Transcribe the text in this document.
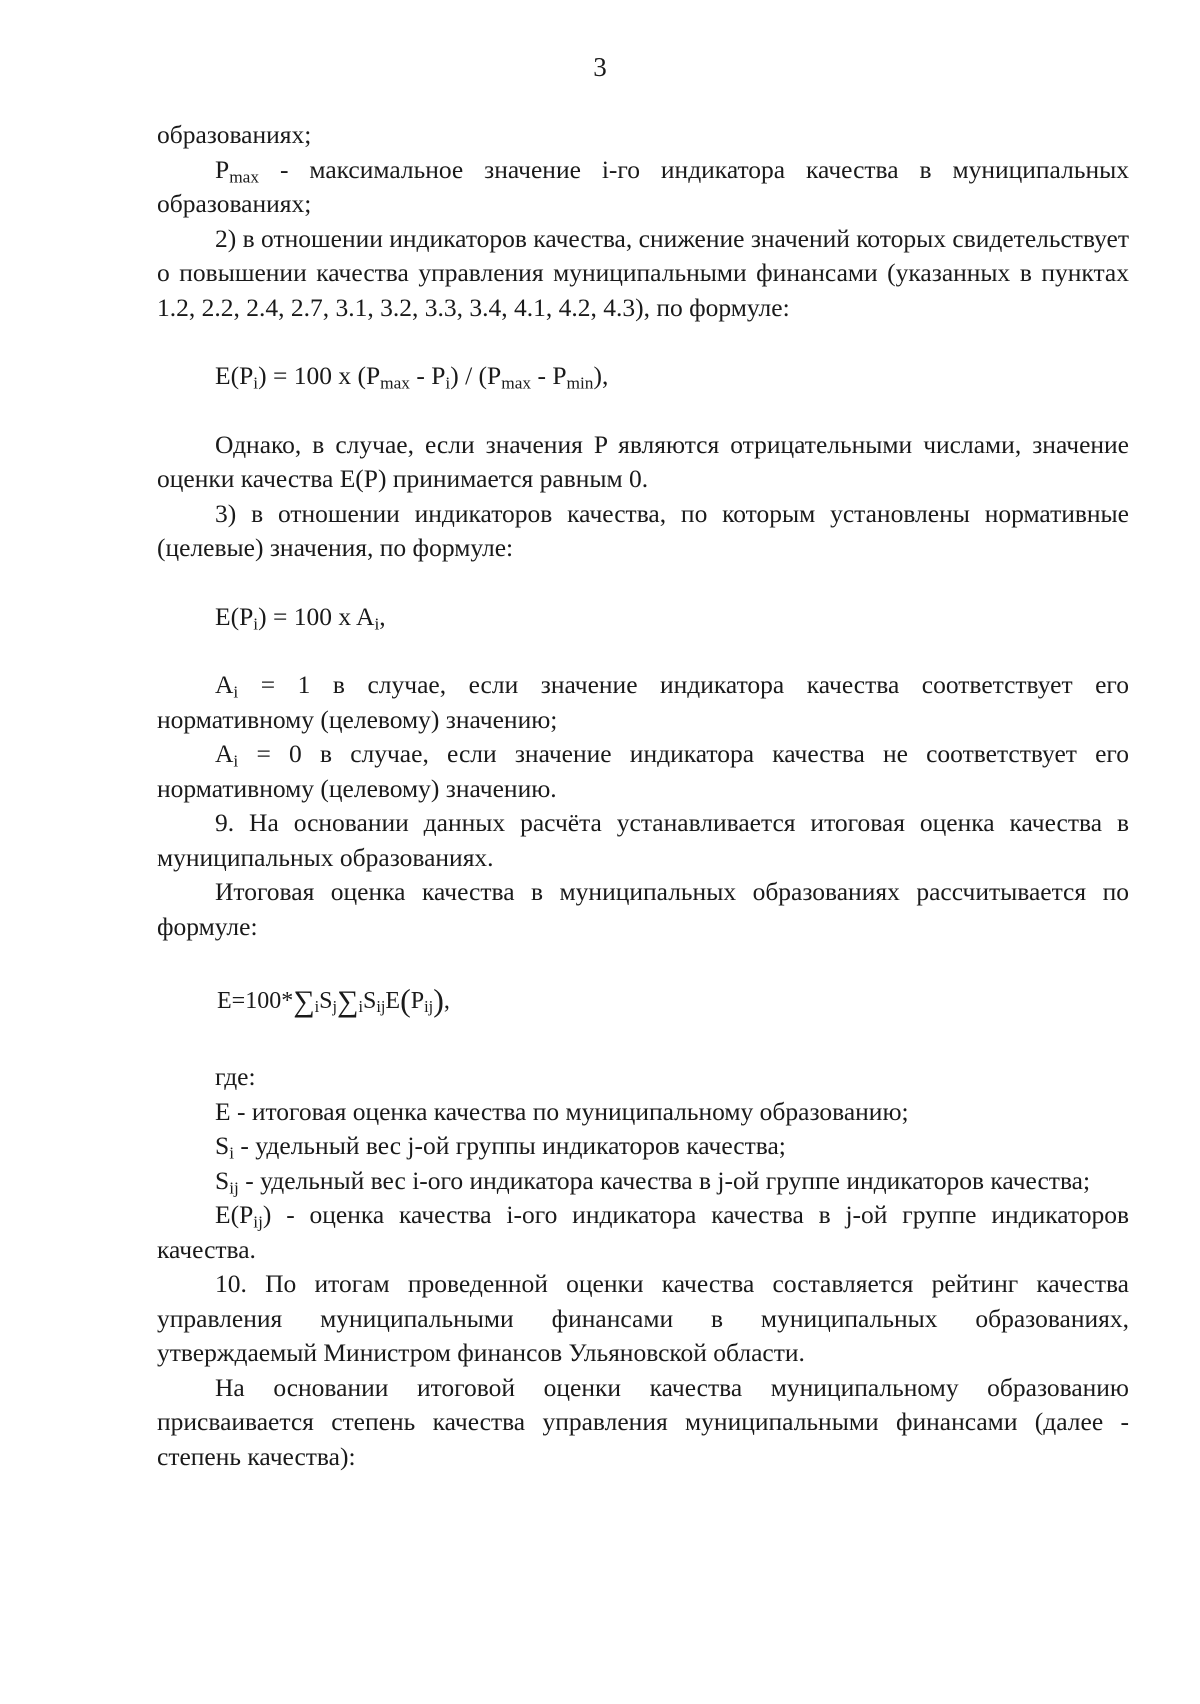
3

образованиях;

$P_{max}$ - максимальное значение i-го индикатора качества в муниципальных образованиях;

2) в отношении индикаторов качества, снижение значений которых свидетельствует о повышении качества управления муниципальными финансами (указанных в пунктах 1.2, 2.2, 2.4, 2.7, 3.1, 3.2, 3.3, 3.4, 4.1, 4.2, 4.3), по формуле:

$E(P_i) = 100$ x $(P_{max} - P_i) / (P_{max} - P_{min})$,

Однако, в случае, если значения P являются отрицательными числами, значение оценки качества E(P) принимается равным 0.

3) в отношении индикаторов качества, по которым установлены нормативные (целевые) значения, по формуле:

$E(P_i) = 100$ x $A_i$,

$A_i = 1$ в случае, если значение индикатора качества соответствует его нормативному (целевому) значению;

$A_i = 0$ в случае, если значение индикатора качества не соответствует его нормативному (целевому) значению.

9. На основании данных расчёта устанавливается итоговая оценка качества в муниципальных образованиях.

Итоговая оценка качества в муниципальных образованиях рассчитывается по формуле:

$E=100*\sum_iS_j\sum_iS_{ij}E(P_{ij})$,

где:

E - итоговая оценка качества по муниципальному образованию;

$S_i$ - удельный вес j-ой группы индикаторов качества;

$S_{ij}$ - удельный вес i-ого индикатора качества в j-ой группе индикаторов качества;

$E(P_{ij})$ - оценка качества i-ого индикатора качества в j-ой группе индикаторов качества.

10. По итогам проведенной оценки качества составляется рейтинг качества управления муниципальными финансами в муниципальных образованиях, утверждаемый Министром финансов Ульяновской области.

На основании итоговой оценки качества муниципальному образованию присваивается степень качества управления муниципальными финансами (далее - степень качества):
